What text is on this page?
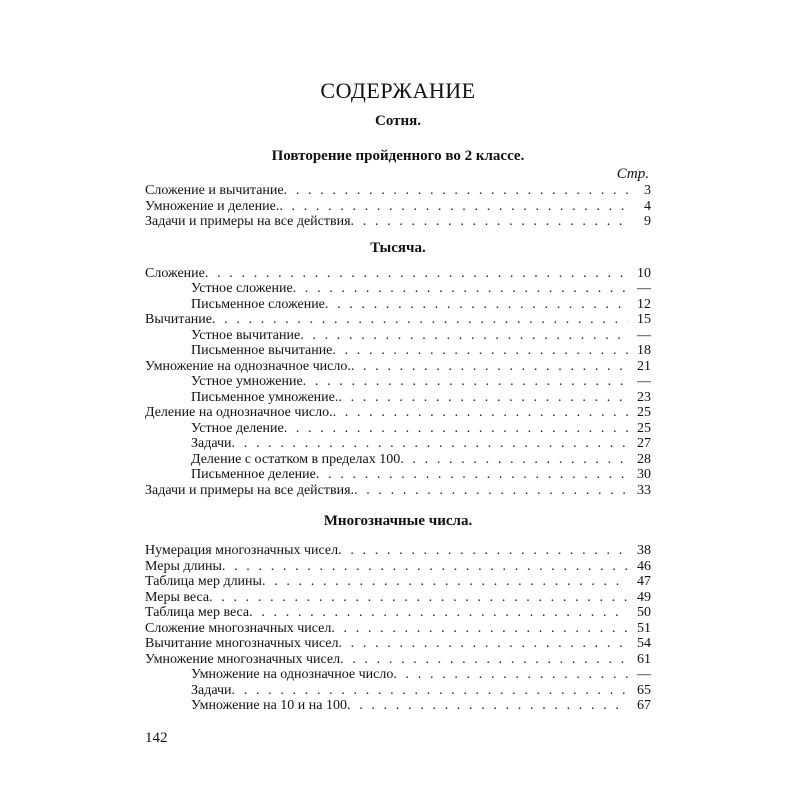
СОДЕРЖАНИЕ
Сотня.
Повторение пройденного во 2 классе.
Стр.
Сложение и вычитание . . .	3
Умножение и деление. . . .	4
Задачи и примеры на все действия . . .	9
Тысяча.
Сложение . . .	10
Устное сложение . . .	—
Письменное сложение . . .	12
Вычитание . . .	15
Устное вычитание . . .	—
Письменное вычитание . . .	18
Умножение на однозначное число. . . .	21
Устное умножение . . .	—
Письменное умножение. . . .	23
Деление на однозначное число. . . .	25
Устное деление . . .	25
Задачи . . .	27
Деление с остатком в пределах 100 . . .	28
Письменное деление . . .	30
Задачи и примеры на все действия. . . .	33
Многозначные числа.
Нумерация многозначных чисел . . .	38
Меры длины . . .	46
Таблица мер длины . . .	47
Меры веса . . .	49
Таблица мер веса . . .	50
Сложение многозначных чисел . . .	51
Вычитание многозначных чисел . . .	54
Умножение многозначных чисел . . .	61
Умножение на однозначное число . . .	—
Задачи . . .	65
Умножение на 10 и на 100 . . .	67
142
